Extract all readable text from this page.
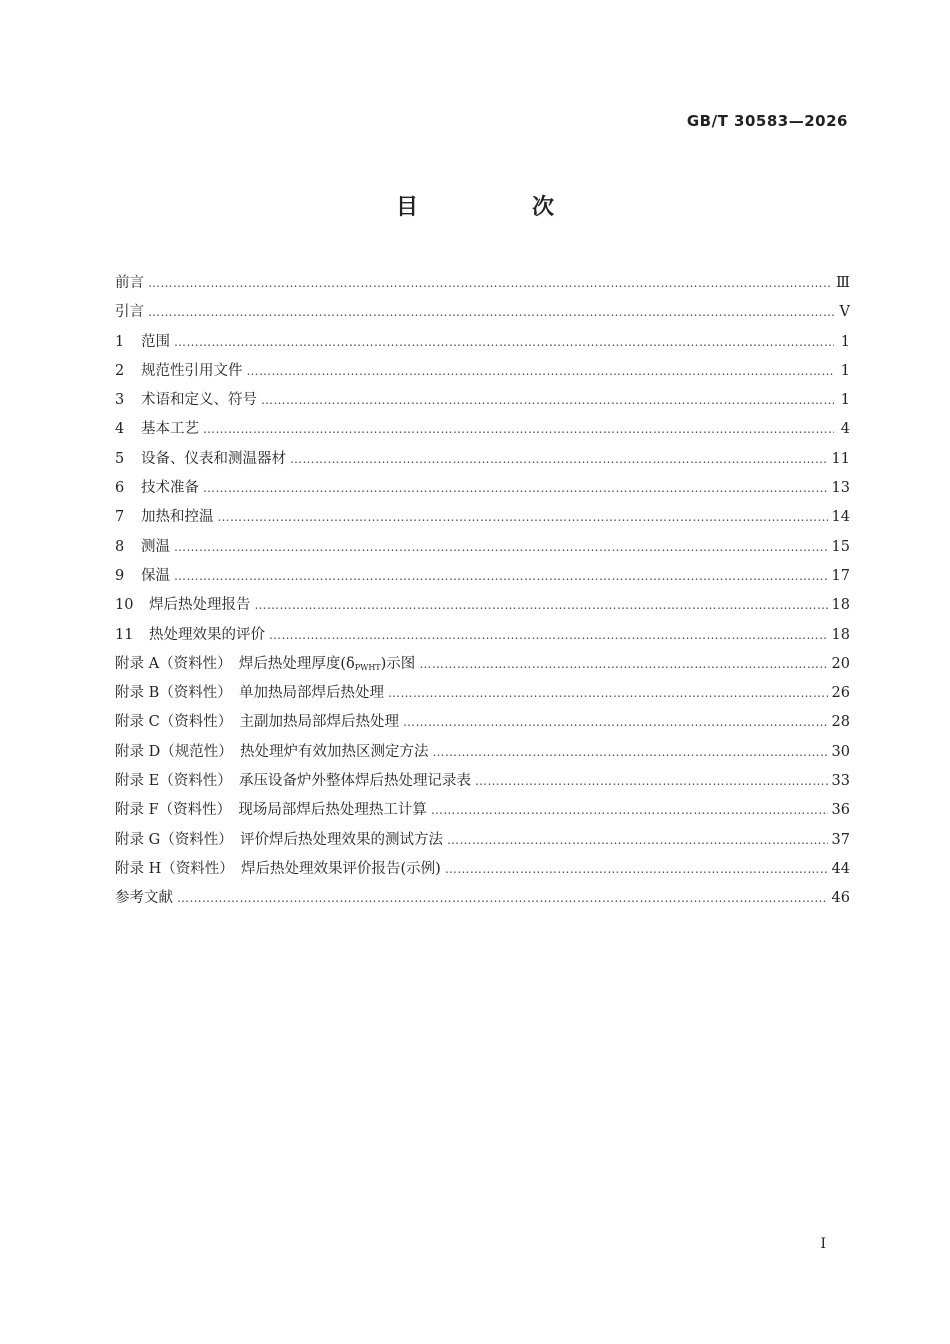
GB/T 30583—2026
目　次
前言 …………………………………………………………………………………………………………………………………………………………………………………………………………………………	Ⅲ
引言 …………………………………………………………………………………………………………………………………………………………………………………………………………………………	Ⅴ
1 范围 …………………………………………………………………………………………………………………………………………………………………………………………………………………………	1
2 规范性引用文件 …………………………………………………………………………………………………………………………………………………………………………………………………………………………	1
3 术语和定义、符号 …………………………………………………………………………………………………………………………………………………………………………………………………………………………	1
4 基本工艺 …………………………………………………………………………………………………………………………………………………………………………………………………………………………	4
5 设备、仪表和测温器材 …………………………………………………………………………………………………………………………………………………………………………………………………………………………	11
6 技术准备 …………………………………………………………………………………………………………………………………………………………………………………………………………………………	13
7 加热和控温 …………………………………………………………………………………………………………………………………………………………………………………………………………………………	14
8 测温 …………………………………………………………………………………………………………………………………………………………………………………………………………………………	15
9 保温 …………………………………………………………………………………………………………………………………………………………………………………………………………………………	17
10 焊后热处理报告 …………………………………………………………………………………………………………………………………………………………………………………………………………………………	18
11 热处理效果的评价 …………………………………………………………………………………………………………………………………………………………………………………………………………………………	18
附录 A（资料性）　焊后热处理厚度$(\delta_{PWHT})$示图 …………………………………………………………………………………………………………………………………………………………………………………………………………………………	20
附录 B（资料性）　单加热局部焊后热处理 …………………………………………………………………………………………………………………………………………………………………………………………………………………………	26
附录 C（资料性）　主副加热局部焊后热处理 …………………………………………………………………………………………………………………………………………………………………………………………………………………………	28
附录 D（规范性）　热处理炉有效加热区测定方法 …………………………………………………………………………………………………………………………………………………………………………………………………………………………	30
附录 E（资料性）　承压设备炉外整体焊后热处理记录表 …………………………………………………………………………………………………………………………………………………………………………………………………………………………	33
附录 F（资料性）　现场局部焊后热处理热工计算 …………………………………………………………………………………………………………………………………………………………………………………………………………………………	36
附录 G（资料性）　评价焊后热处理效果的测试方法 …………………………………………………………………………………………………………………………………………………………………………………………………………………………	37
附录 H（资料性）　焊后热处理效果评价报告(示例) …………………………………………………………………………………………………………………………………………………………………………………………………………………………	44
参考文献 …………………………………………………………………………………………………………………………………………………………………………………………………………………………	46
Ⅰ
